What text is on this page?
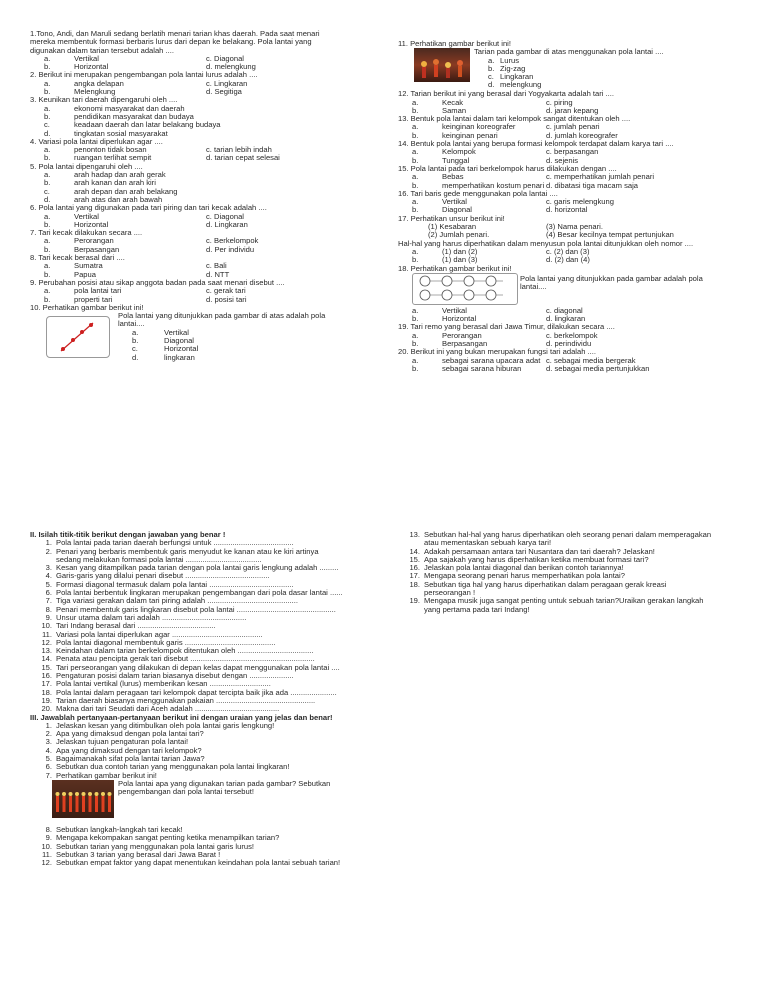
1.Tono, Andi, dan Maruli sedang berlatih menari tarian khas daerah. Pada saat menari
mereka membentuk formasi berbaris lurus dari depan ke belakang. Pola lantai yang
digunakan dalam tarian tersebut adalah ....
a.	Vertikal	c. Diagonal
b.	Horizontal	d. melengkung
2. Berikut ini merupakan pengembangan pola lantai lurus adalah ....
a.	angka delapan	c. Lingkaran
b.	Melengkung	d. Segitiga
3. Keunikan tari daerah dipengaruhi oleh ....
a.	ekonomi masyarakat dan daerah
b.	pendidikan masyarakat dan budaya
c.	keadaan daerah dan latar belakang budaya
d.	tingkatan sosial masyarakat
4. Variasi pola lantai diperlukan agar ....
a.	penonton tidak bosan	c. tarian lebih indah
b.	ruangan terlihat sempit	d. tarian cepat selesai
5. Pola lantai dipengaruhi oleh ....
a.	arah hadap dan arah gerak
b.	arah kanan dan arah kiri
c.	arah depan dan arah belakang
d.	arah atas dan arah bawah
6. Pola lantai yang digunakan pada tari piring dan tari kecak adalah ....
a.	Vertikal	c. Diagonal
b.	Horizontal	d. Lingkaran
7. Tari kecak dilakukan secara ....
a.	Perorangan	c. Berkelompok
b.	Berpasangan	d. Per individu
8. Tari kecak berasal dari ....
a.	Sumatra	c. Bali
b.	Papua	d. NTT
9. Perubahan posisi atau sikap anggota badan pada saat menari disebut ....
a.	pola lantai tari	c. gerak tari
b.	properti tari	d. posisi tari
10. Perhatikan gambar berikut ini!
Pola lantai yang ditunjukkan pada gambar di atas adalah pola
lantai....
a.	Vertikal
b.	Diagonal
c.	Horizontal
d.	lingkaran
11. Perhatikan gambar berikut ini!
Tarian pada gambar di atas menggunakan pola lantai ....
a. Lurus
b. Zig-zag
c. Lingkaran
d. melengkung
12. Tarian berikut ini yang berasal dari Yogyakarta adalah tari ....
a.	Kecak	c. piring
b.	Saman	d. jaran kepang
13. Bentuk pola lantai dalam tari kelompok sangat ditentukan oleh ....
a.	keinginan koreografer	c. jumlah penari
b.	keinginan penari	d. jumlah koreografer
14. Bentuk pola lantai yang berupa formasi kelompok terdapat dalam karya tari ....
a.	Kelompok	c. berpasangan
b.	Tunggal	d. sejenis
15. Pola lantai pada tari berkelompok harus dilakukan dengan ....
a.	Bebas	c. memperhatikan jumlah penari
b.	memperhatikan kostum penari d. dibatasi tiga macam saja
16. Tari baris gede menggunakan pola lantai ....
a.	Vertikal	c. garis melengkung
b.	Diagonal	d. horizontal
17. Perhatikan unsur berikut ini!
(1) Kesabaran	(3) Nama penari.
(2) Jumlah penari.	(4) Besar kecilnya tempat pertunjukan
Hal-hal yang harus diperhatikan dalam menyusun pola lantai ditunjukkan oleh nomor ....
a.	(1) dan (2)	c. (2) dan (3)
b.	(1) dan (3)	d. (2) dan (4)
18. Perhatikan gambar berikut ini!
Pola lantai yang ditunjukkan pada gambar adalah pola
lantai....
a.	Vertikal	c. diagonal
b.	Horizontal	d. lingkaran
19. Tari remo yang berasal dari Jawa Timur, dilakukan secara ....
a.	Perorangan	c. berkelompok
b.	Berpasangan	d. perindividu
20. Berikut ini yang bukan merupakan fungsi tari adalah ....
a.	sebagai sarana upacara adat c. sebagai media bergerak
b.	sebagai sarana hiburan	d. sebagai media pertunjukkan
II. Isilah titik-titik berikut dengan jawaban yang benar !
1. Pola lantai pada tarian daerah berfungsi untuk ......................................
2. Penari yang berbaris membentuk garis menyudut ke kanan atau ke kiri artinya
sedang melakukan formasi pola lantai ....................................
3. Kesan yang ditampilkan pada tarian dengan pola lantai garis lengkung adalah .........
4. Garis-garis yang dilalui penari disebut ........................................
5. Formasi diagonal termasuk dalam pola lantai ........................................
6. Pola lantai berbentuk lingkaran merupakan pengembangan dari pola dasar lantai ......
7. Tiga variasi gerakan dalam tari piring adalah ...........................................
8. Penari membentuk garis lingkaran disebut pola lantai ...............................................
9. Unsur utama dalam tari adalah ........................................
10. Tari Indang berasal dari .....................................
11. Variasi pola lantai diperlukan agar ...........................................
12. Pola lantai diagonal membentuk garis ...........................................
13. Keindahan dalam tarian berkelompok ditentukan oleh ....................................
14. Penata atau pencipta gerak tari disebut ...........................................................
15. Tari perseorangan yang dilakukan di depan kelas dapat menggunakan pola lantai ....
16. Pengaturan posisi dalam tarian biasanya disebut dengan .....................
17. Pola lantai vertikal (lurus) memberikan kesan .............................
18. Pola lantai dalam peragaan tari kelompok dapat tercipta baik jika ada ......................
19. Tarian daerah biasanya menggunakan pakaian ...............................................
20. Makna dari tari Seudati dari Aceh adalah ........................................
III. Jawablah pertanyaan-pertanyaan berikut ini dengan uraian yang jelas dan benar!
1. Jelaskan kesan yang ditimbulkan oleh pola lantai garis lengkung!
2. Apa yang dimaksud dengan pola lantai tari?
3. Jelaskan tujuan pengaturan pola lantai!
4. Apa yang dimaksud dengan tari kelompok?
5. Bagaimanakah sifat pola lantai tarian Jawa?
6. Sebutkan dua contoh tarian yang menggunakan pola lantai lingkaran!
7. Perhatikan gambar berikut ini!
Pola lantai apa yang digunakan tarian pada gambar? Sebutkan
pengembangan dari pola lantai tersebut!
8. Sebutkan langkah-langkah tari kecak!
9. Mengapa kekompakan sangat penting ketika menampilkan tarian?
10. Sebutkan tarian yang menggunakan pola lantai garis lurus!
11. Sebutkan 3 tarian yang berasal dari Jawa Barat !
12. Sebutkan empat faktor yang dapat menentukan keindahan pola lantai sebuah tarian!
13. Sebutkan hal-hal yang harus diperhatikan oleh seorang penari dalam memperagakan
atau mementaskan sebuah karya tari!
14. Adakah persamaan antara tari Nusantara dan tari daerah? Jelaskan!
15. Apa sajakah yang harus diperhatikan ketika membuat formasi tari?
16. Jelaskan pola lantai diagonal dan berikan contoh tariannya!
17. Mengapa seorang penari harus memperhatikan pola lantai?
18. Sebutkan tiga hal yang harus diperhatikan dalam peragaan gerak kreasi
perseorangan !
19. Mengapa musik juga sangat penting untuk sebuah tarian?Uraikan gerakan langkah
yang pertama pada tari Indang!
